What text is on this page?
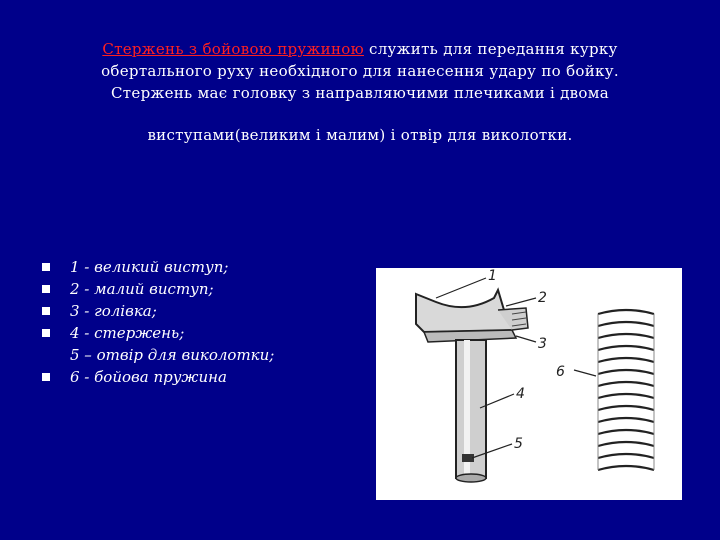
Стержень з бойовою пружиною служить для передання курку обертального руху необхідного для нанесення удару по бойку. Стержень має головку з направляючими плечиками і двома
виступами(великим і малим) і отвір для виколотки.
1 - великий виступ;
2 - малий виступ;
3 - голівка;
4 - стержень;
5 – отвір для виколотки;
6 - бойова пружина
1
2
3
4
5
6
